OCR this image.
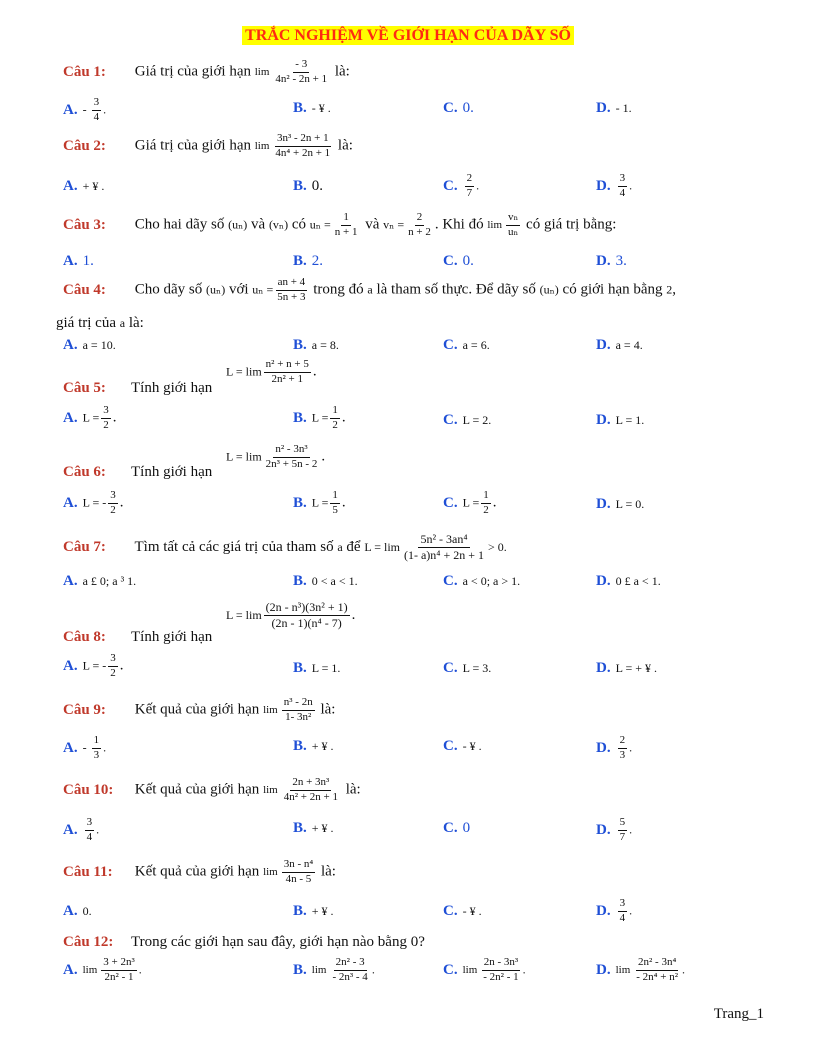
TRẮC NGHIỆM VỀ GIỚI HẠN CỦA DÃY SỐ
Câu 1: Giá trị của giới hạn $\lim \frac{- 3}{\text{4n² - 2n + 1}}$ là:
A. - $\frac{3}{4}$ .	B. - ¥ .	C. 0.	D. - 1.
Câu 2: Giá trị của giới hạn $\lim \frac{\text{3n³ - 2n + 1}}{\text{4n⁴ + 2n + 1}}$ là:
A. + ¥ .	B. 0.	C. $\frac{2}{7}$ .	D. $\frac{3}{4}$ .
Câu 3: Cho hai dãy số (uₙ) và (vₙ) có $u_n = \frac{1}{n + 1}$ và $v_n = \frac{2}{n + 2}$ . Khi đó $\lim \frac{\text{vₙ}}{\text{uₙ}}$ có giá trị bằng:
A. 1.	B. 2.	C. 0.	D. 3.
Câu 4: Cho dãy số (uₙ) với $u_n = \frac{an + 4}{5n + 3}$ trong đó a là tham số thực. Để dãy số (uₙ) có giới hạn bằng 2,
giá trị của a là:
A. a = 10.	B. a = 8.	C. a = 6.	D. a = 4.
$L = \lim \frac{\text{n² + n + 5}}{\text{2n² + 1}}$ .
Câu 5: Tính giới hạn
A. $L = \frac{3}{2}$ .	B. $L = \frac{1}{2}$ .	C. L = 2.	D. L = 1.
$L = \lim \frac{\text{n² - 3n³}}{\text{2n³ + 5n - 2}}$ .
Câu 6: Tính giới hạn
A. L = - $\frac{3}{2}$ .	B. $L = \frac{1}{5}$ .	C. $L = \frac{1}{2}$ .	D. L = 0.
Câu 7: Tìm tất cả các giá trị của tham số a để $L = \lim \frac{\text{5n² - 3an⁴}}{\text{(1- a)n⁴ + 2n + 1}} > 0$.
A. a £ 0; a ³ 1.	B. 0 < a < 1.	C. a < 0; a > 1.	D. 0 £ a < 1.
$L = \lim \frac{\text{(2n - n³)(3n² + 1)}}{\text{(2n - 1)(n⁴ - 7)}}$ .
Câu 8: Tính giới hạn
A. L = - $\frac{3}{2}$ .	B. L = 1.	C. L = 3.	D. L = + ¥ .
Câu 9: Kết quả của giới hạn $\lim \frac{\text{n³ - 2n}}{\text{1- 3n²}}$ là:
A. - $\frac{1}{3}$ .	B. + ¥ .	C. - ¥ .	D. $\frac{2}{3}$ .
Câu 10: Kết quả của giới hạn $\lim \frac{\text{2n + 3n³}}{\text{4n² + 2n + 1}}$ là:
A. $\frac{3}{4}$ .	B. + ¥ .	C. 0	D. $\frac{5}{7}$ .
Câu 11: Kết quả của giới hạn $\lim \frac{\text{3n - n⁴}}{4n - 5}$ là:
A. 0.	B. + ¥ .	C. - ¥ .	D. $\frac{3}{4}$ .
Câu 12: Trong các giới hạn sau đây, giới hạn nào bằng 0?
A. $\lim \frac{\text{3 + 2n³}}{\text{2n² - 1}}$ .	B. $\lim \frac{\text{2n² - 3}}{\text{- 2n³ - 4}}$ .	C. $\lim \frac{\text{2n - 3n³}}{\text{- 2n² - 1}}$ .	D. $\lim \frac{\text{2n² - 3n⁴}}{\text{- 2n⁴ + n²}}$ .
Trang_1
